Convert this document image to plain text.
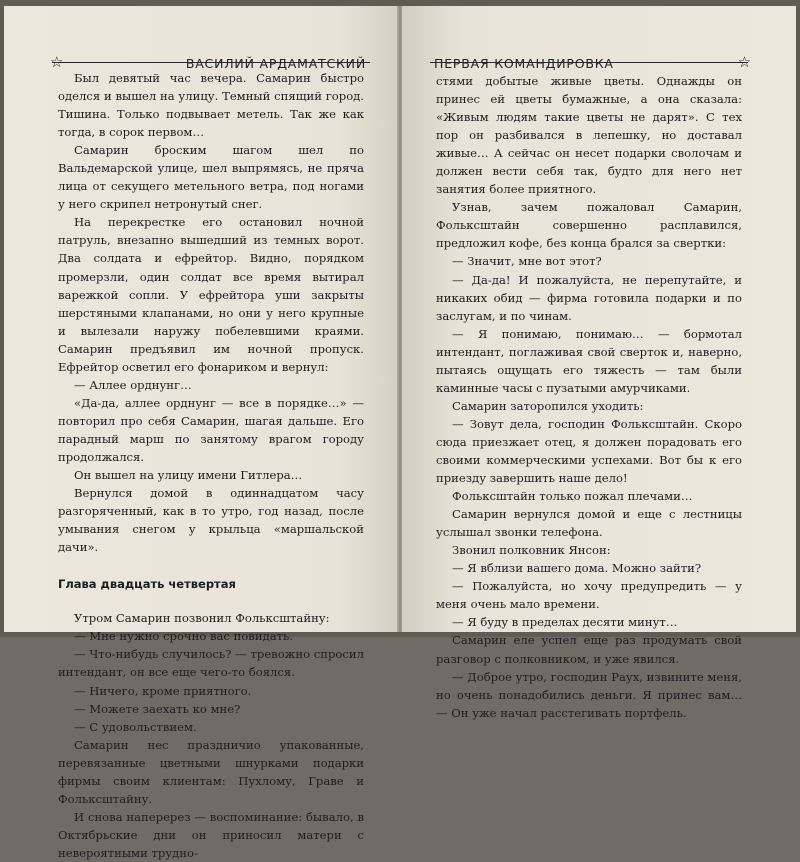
☆	ВАСИЛИЙ АРДАМАТСКИЙ

Был девятый час вечера. Самарин быстро оделся и вышел на улицу. Темный спящий город. Тишина. Только подвывает метель. Так же как тогда, в сорок первом…

Самарин броским шагом шел по Вальдемарской улице, шел выпрямясь, не пряча лица от секущего метельного ветра, под ногами у него скрипел нетронутый снег.

На перекрестке его остановил ночной патруль, внезапно вышедший из темных ворот. Два солдата и ефрейтор. Видно, порядком промерзли, один солдат все время вытирал варежкой сопли. У ефрейтора уши закрыты шерстяными клапанами, но они у него крупные и вылезали наружу побелевшими краями. Самарин предъявил им ночной пропуск. Ефрейтор осветил его фонариком и вернул:

— Аллее орднунг…

«Да-да, аллее орднунг — все в порядке…» — повторил про себя Самарин, шагая дальше. Его парадный марш по занятому врагом городу продолжался.

Он вышел на улицу имени Гитлера…

Вернулся домой в одиннадцатом часу разгоряченный, как в то утро, год назад, после умывания снегом у крыльца «маршальской дачи».

Глава двадцать четвертая

Утром Самарин позвонил Фольксштайну:

— Мне нужно срочно вас повидать.

— Что-нибудь случилось? — тревожно спросил интендант, он все еще чего-то боялся.

— Ничего, кроме приятного.

— Можете заехать ко мне?

— С удовольствием.

Самарин нес праздничио упакованные, перевязанные цветными шнурками подарки фирмы своим клиентам: Пухлому, Граве и Фольксштайну.

И снова наперерез — воспоминание: бывало, в Октябрьские дни он приносил матери с невероятными трудно-

ПЕРВАЯ КОМАНДИРОВКА	☆

стями добытые живые цветы. Однажды он принес ей цветы бумажные, а она сказала: «Живым людям такие цветы не дарят». С тех пор он разбивался в лепешку, но доставал живые… А сейчас он несет подарки сволочам и должен вести себя так, будто для него нет занятия более приятного.

Узнав, зачем пожаловал Самарин, Фольксштайн совершенно расплавился, предложил кофе, без конца брался за свертки:

— Значит, мне вот этот?

— Да-да! И пожалуйста, не перепутайте, и никаких обид — фирма готовила подарки и по заслугам, и по чинам.

— Я понимаю, понимаю… — бормотал интендант, поглаживая свой сверток и, наверно, пытаясь ощущать его тяжесть — там были каминные часы с пузатыми амурчиками.

Самарин заторопился уходить:

— Зовут дела, господин Фольксштайн. Скоро сюда приезжает отец, я должен порадовать его своими коммерческими успехами. Вот бы к его приезду завершить наше дело!

Фольксштайн только пожал плечами…

Самарин вернулся домой и еще с лестницы услышал звонки телефона.

Звонил полковник Янсон:

— Я вблизи вашего дома. Можно зайти?

— Пожалуйста, но хочу предупредить — у меня очень мало времени.

— Я буду в пределах десяти минут…

Самарин еле успел еще раз продумать свой разговор с полковником, и уже явился.

— Доброе утро, господин Раух, извините меня, но очень понадобились деньги. Я принес вам… — Он уже начал расстегивать портфель.
